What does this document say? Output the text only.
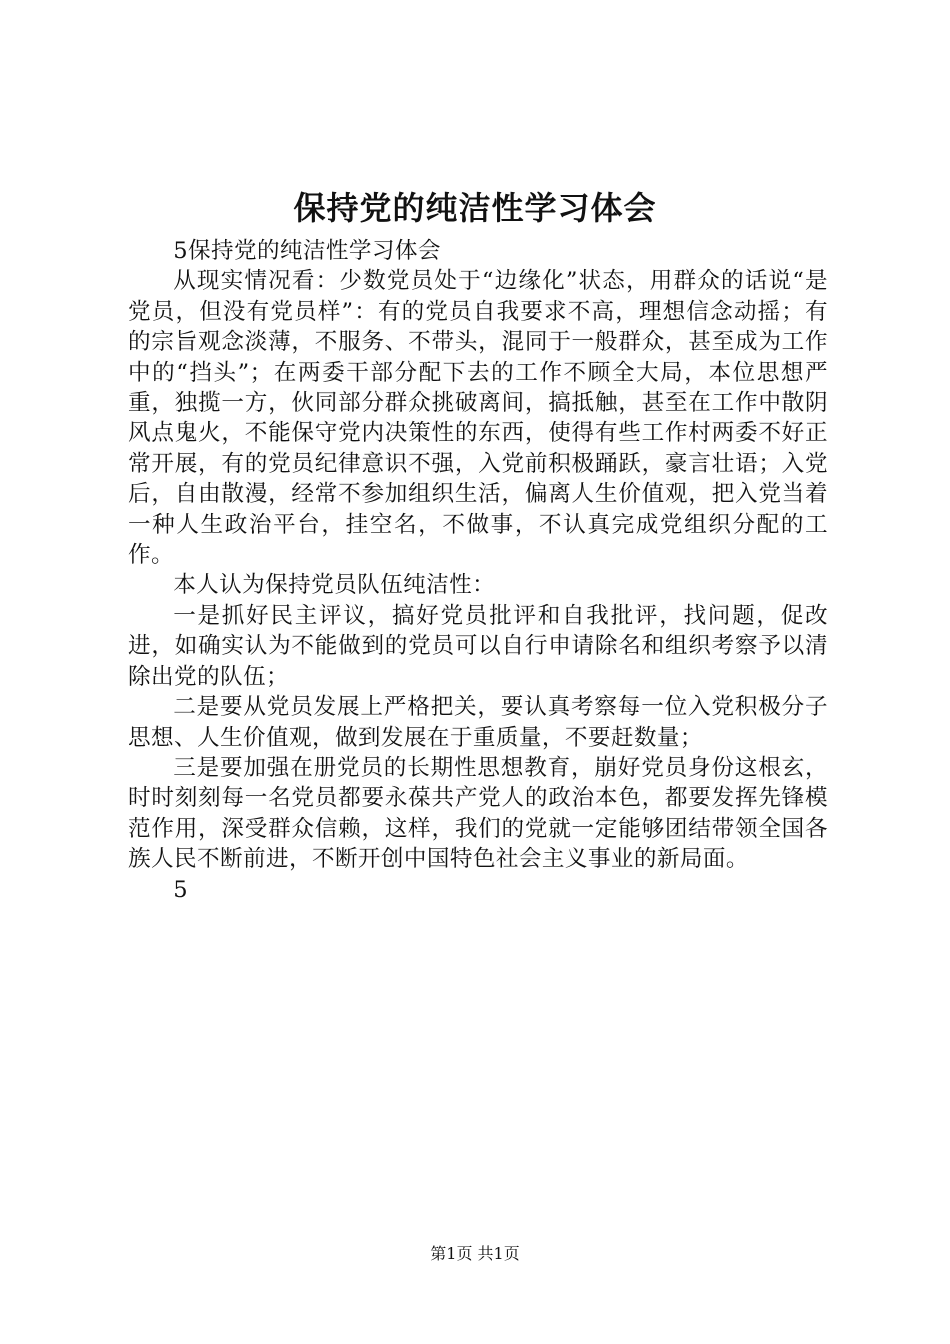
保持党的纯洁性学习体会

5保持党的纯洁性学习体会

从现实情况看：少数党员处于“边缘化”状态，用群众的话说“是党员，但没有党员样”：有的党员自我要求不高，理想信念动摇；有的宗旨观念淡薄，不服务、不带头，混同于一般群众，甚至成为工作中的“挡头”；在两委干部分配下去的工作不顾全大局，本位思想严重，独揽一方，伙同部分群众挑破离间，搞抵触，甚至在工作中散阴风点鬼火，不能保守党内决策性的东西，使得有些工作村两委不好正常开展，有的党员纪律意识不强，入党前积极踊跃，豪言壮语；入党后，自由散漫，经常不参加组织生活，偏离人生价值观，把入党当着一种人生政治平台，挂空名，不做事，不认真完成党组织分配的工作。

本人认为保持党员队伍纯洁性：

一是抓好民主评议，搞好党员批评和自我批评，找问题，促改进，如确实认为不能做到的党员可以自行申请除名和组织考察予以清除出党的队伍；

二是要从党员发展上严格把关，要认真考察每一位入党积极分子思想、人生价值观，做到发展在于重质量，不要赶数量；

三是要加强在册党员的长期性思想教育，崩好党员身份这根玄，时时刻刻每一名党员都要永葆共产党人的政治本色，都要发挥先锋模范作用，深受群众信赖，这样，我们的党就一定能够团结带领全国各族人民不断前进，不断开创中国特色社会主义事业的新局面。

5

第1页 共1页
